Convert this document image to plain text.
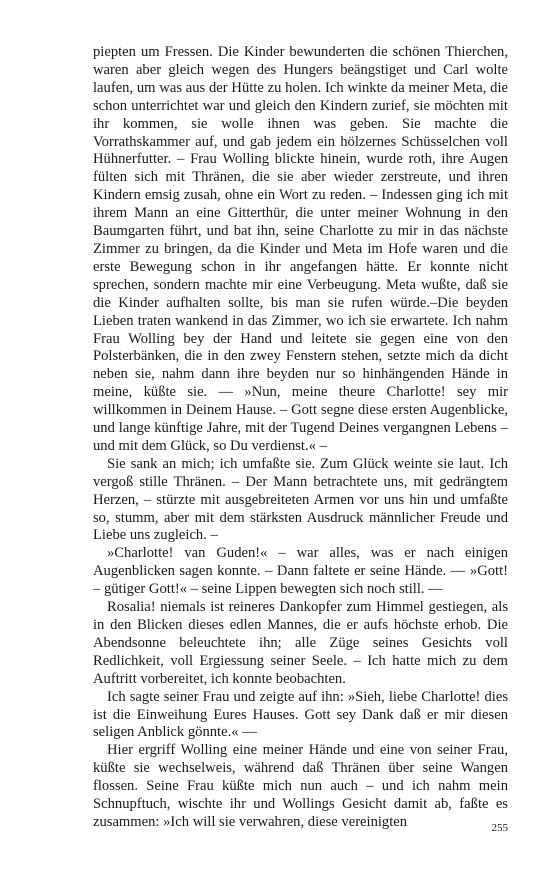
piepten um Fressen. Die Kinder bewunderten die schönen Thierchen, waren aber gleich wegen des Hungers beängstiget und Carl wolte laufen, um was aus der Hütte zu holen. Ich winkte da meiner Meta, die schon unterrichtet war und gleich den Kindern zurief, sie möchten mit ihr kommen, sie wolle ihnen was geben. Sie machte die Vorrathskammer auf, und gab jedem ein hölzernes Schüsselchen voll Hühnerfutter. – Frau Wolling blickte hinein, wurde roth, ihre Augen fülten sich mit Thränen, die sie aber wieder zerstreute, und ihren Kindern emsig zusah, ohne ein Wort zu reden. – Indessen ging ich mit ihrem Mann an eine Gitterthür, die unter meiner Wohnung in den Baumgarten führt, und bat ihn, seine Charlotte zu mir in das nächste Zimmer zu bringen, da die Kinder und Meta im Hofe waren und die erste Bewegung schon in ihr angefangen hätte. Er konnte nicht sprechen, sondern machte mir eine Verbeugung. Meta wußte, daß sie die Kinder aufhalten sollte, bis man sie rufen würde.–Die beyden Lieben traten wankend in das Zimmer, wo ich sie erwartete. Ich nahm Frau Wolling bey der Hand und leitete sie gegen eine von den Polsterbänken, die in den zwey Fenstern stehen, setzte mich da dicht neben sie, nahm dann ihre beyden nur so hinhängenden Hände in meine, küßte sie. –– »Nun, meine theure Charlotte! sey mir willkommen in Deinem Hause. – Gott segne diese ersten Augenblicke, und lange künftige Jahre, mit der Tugend Deines vergangnen Lebens – und mit dem Glück, so Du verdienst.« –

Sie sank an mich; ich umfaßte sie. Zum Glück weinte sie laut. Ich vergoß stille Thränen. – Der Mann betrachtete uns, mit gedrängtem Herzen, – stürzte mit ausgebreiteten Armen vor uns hin und umfaßte so, stumm, aber mit dem stärksten Ausdruck männlicher Freude und Liebe uns zugleich. –

»Charlotte! van Guden!« – war alles, was er nach einigen Augenblicken sagen konnte. – Dann faltete er seine Hände. –– »Gott! – gütiger Gott!« – seine Lippen bewegten sich noch still. ––

Rosalia! niemals ist reineres Dankopfer zum Himmel gestiegen, als in den Blicken dieses edlen Mannes, die er aufs höchste erhob. Die Abendsonne beleuchtete ihn; alle Züge seines Gesichts voll Redlichkeit, voll Ergiessung seiner Seele. – Ich hatte mich zu dem Auftritt vorbereitet, ich konnte beobachten.

Ich sagte seiner Frau und zeigte auf ihn: »Sieh, liebe Charlotte! dies ist die Einweihung Eures Hauses. Gott sey Dank daß er mir diesen seligen Anblick gönnte.« ––

Hier ergriff Wolling eine meiner Hände und eine von seiner Frau, küßte sie wechselweis, während daß Thränen über seine Wangen flossen. Seine Frau küßte mich nun auch – und ich nahm mein Schnupftuch, wischte ihr und Wollings Gesicht damit ab, faßte es zusammen: »Ich will sie verwahren, diese vereinigten	255
